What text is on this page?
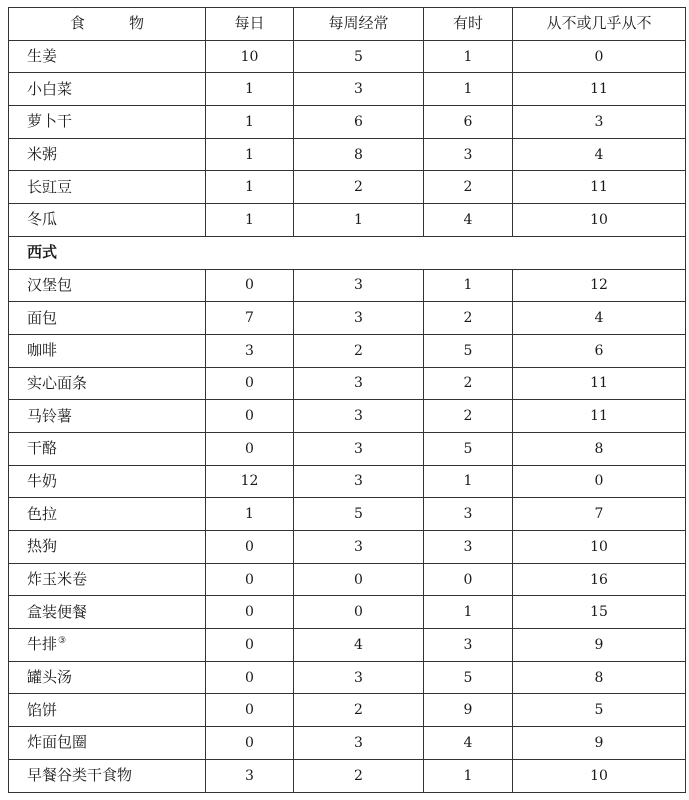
食 物	每日	每周经常	有时	从不或几乎从不
生姜	10	5	1	0
小白菜	1	3	1	11
萝卜干	1	6	6	3
米粥	1	8	3	4
长豇豆	1	2	2	11
冬瓜	1	1	4	10
西式				
汉堡包	0	3	1	12
面包	7	3	2	4
咖啡	3	2	5	6
实心面条	0	3	2	11
马铃薯	0	3	2	11
干酪	0	3	5	8
牛奶	12	3	1	0
色拉	1	5	3	7
热狗	0	3	3	10
炸玉米卷	0	0	0	16
盒装便餐	0	0	1	15
牛排③	0	4	3	9
罐头汤	0	3	5	8
馅饼	0	2	9	5
炸面包圈	0	3	4	9
早餐谷类干食物	3	2	1	10
